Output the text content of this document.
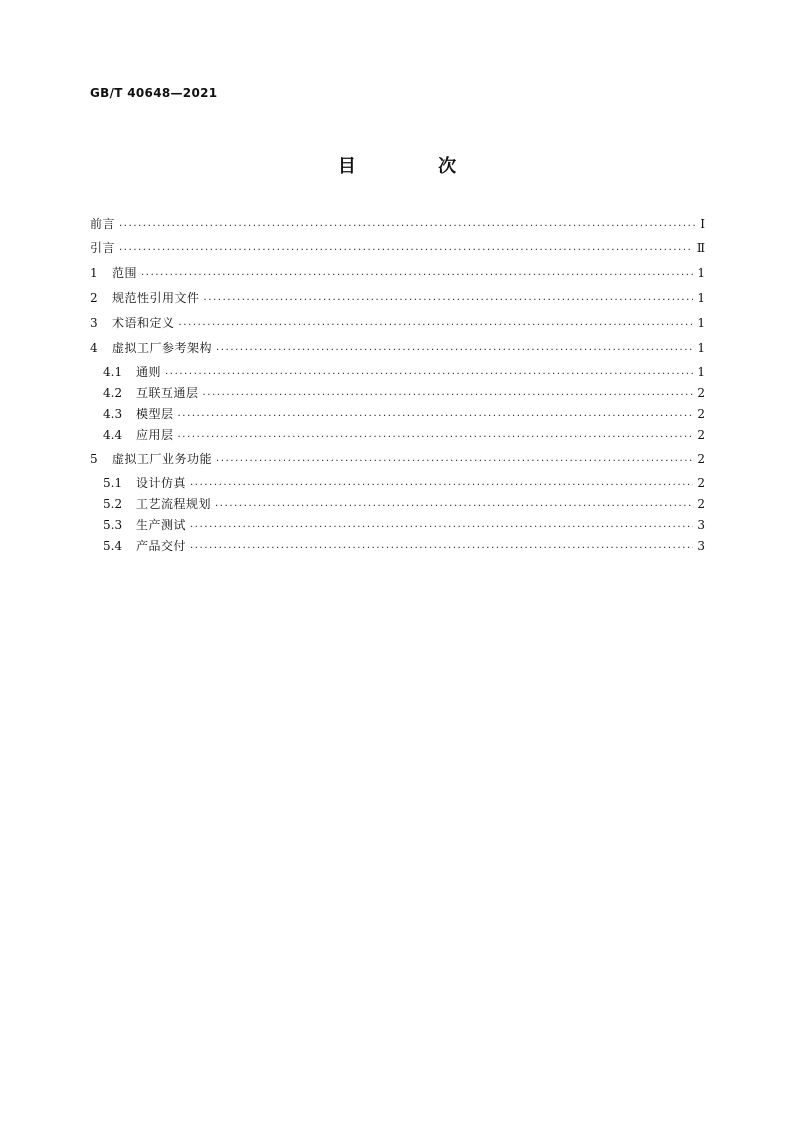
GB/T 40648—2021
目 次
前言 ·····	Ⅰ
引言 ·····	Ⅱ
1	范围 ·····	1
2	规范性引用文件 ·····	1
3	术语和定义 ·····	1
4	虚拟工厂参考架构 ·····	1
4.1	通则 ·····	1
4.2	互联互通层 ·····	2
4.3	模型层 ·····	2
4.4	应用层 ·····	2
5	虚拟工厂业务功能 ·····	2
5.1	设计仿真 ·····	2
5.2	工艺流程规划 ·····	2
5.3	生产测试 ·····	3
5.4	产品交付 ·····	3
